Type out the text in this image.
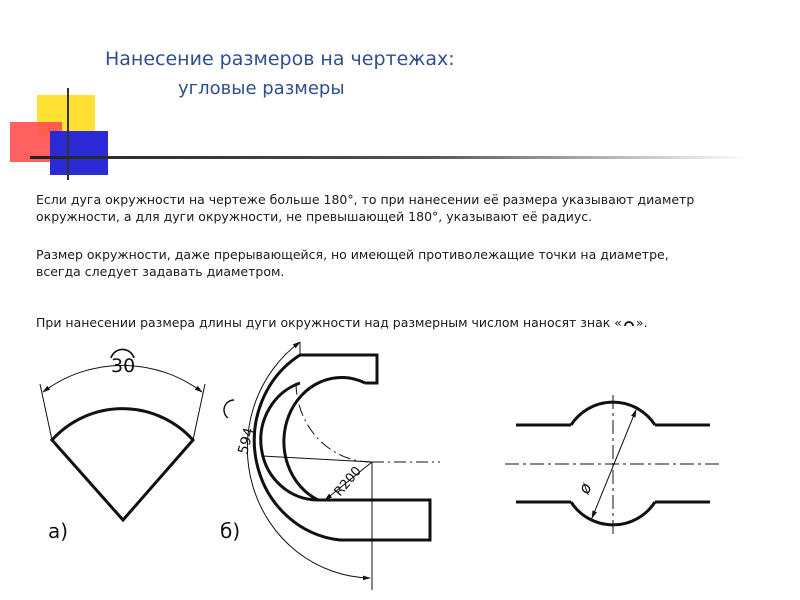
Нанесение размеров на чертежах:
угловые размеры
Если дуга окружности на чертеже больше 180°, то при нанесении её размера указывают диаметр
окружности, а для дуги окружности, не превышающей 180°, указывают её радиус.
Размер окружности, даже прерывающейся, но имеющей противолежащие точки на диаметре,
всегда следует задавать диаметром.
При нанесении размера длины дуги окружности над размерным числом наносят знак « ».
30
а)
R200
594
б)
ø
